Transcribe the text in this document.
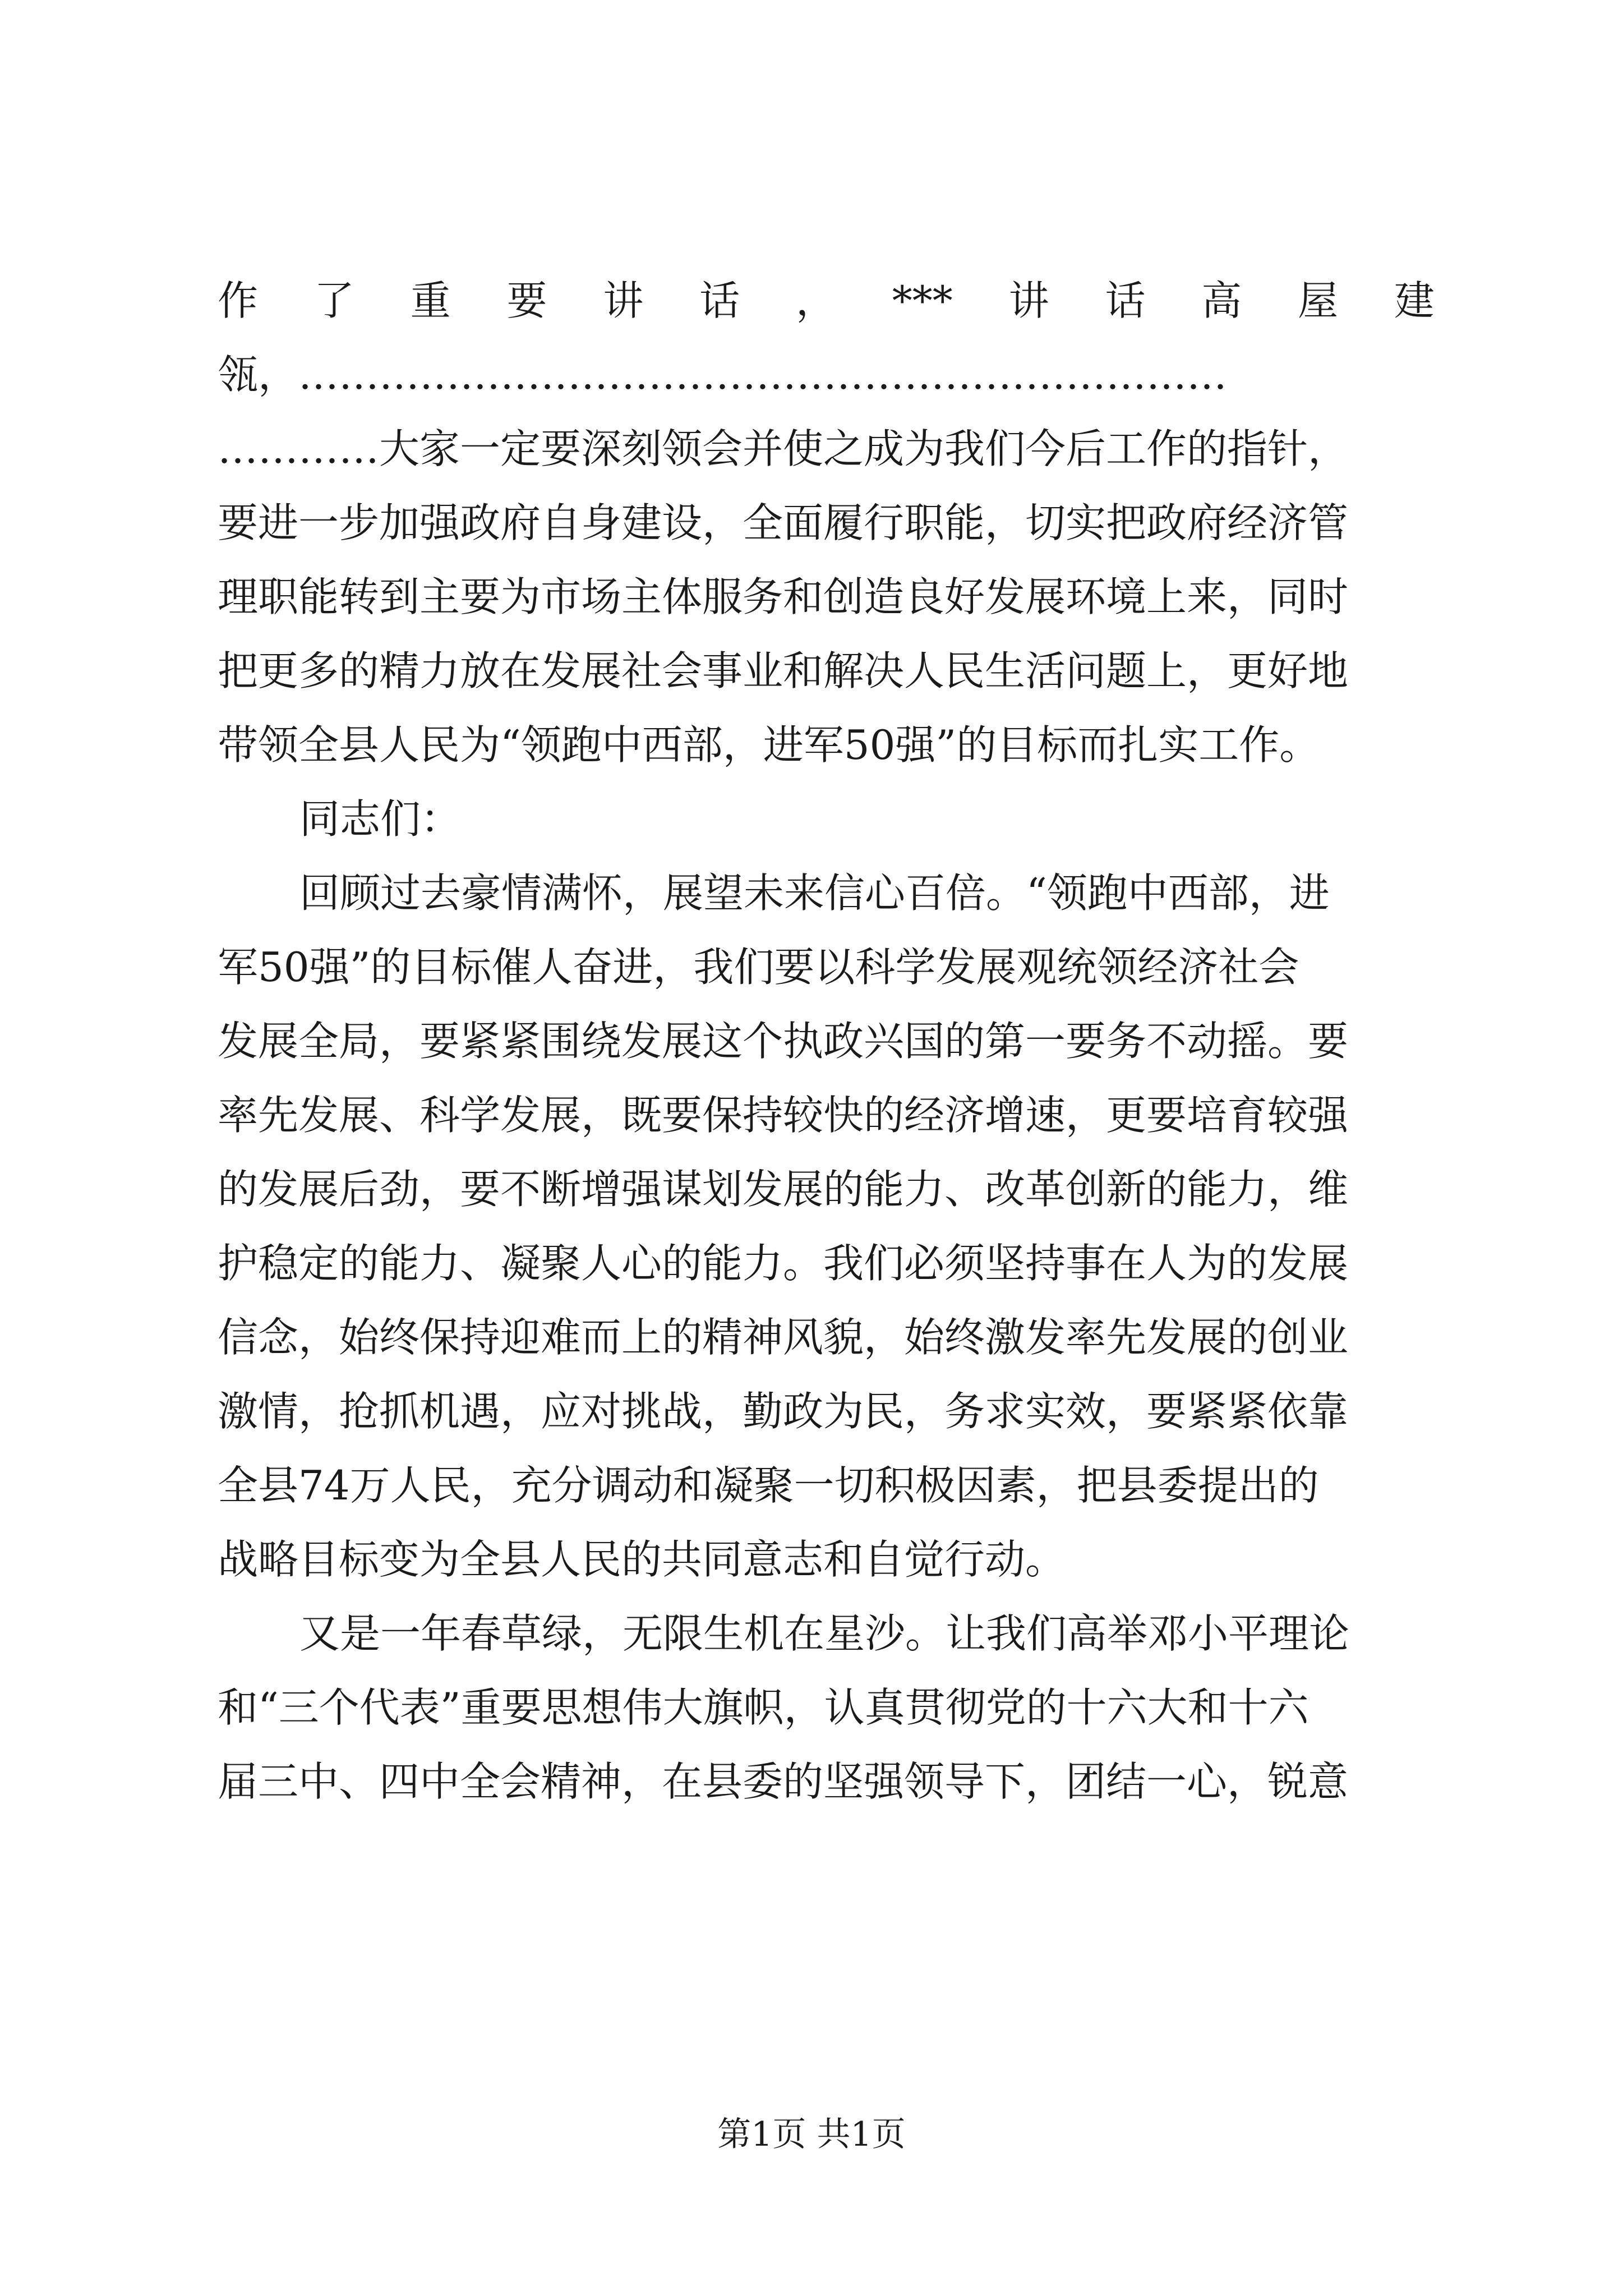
作 了 重 要 讲 话 ， *** 讲 话 高 屋 建
瓴，……………………………………………………………
…………大家一定要深刻领会并使之成为我们今后工作的指针，
要进一步加强政府自身建设，全面履行职能，切实把政府经济管
理职能转到主要为市场主体服务和创造良好发展环境上来，同时
把更多的精力放在发展社会事业和解决人民生活问题上，更好地
带领全县人民为“领跑中西部，进军50强”的目标而扎实工作。
同志们：
回顾过去豪情满怀，展望未来信心百倍。“领跑中西部，进
军50强”的目标催人奋进，我们要以科学发展观统领经济社会
发展全局，要紧紧围绕发展这个执政兴国的第一要务不动摇。要
率先发展、科学发展，既要保持较快的经济增速，更要培育较强
的发展后劲，要不断增强谋划发展的能力、改革创新的能力，维
护稳定的能力、凝聚人心的能力。我们必须坚持事在人为的发展
信念，始终保持迎难而上的精神风貌，始终激发率先发展的创业
激情，抢抓机遇，应对挑战，勤政为民，务求实效，要紧紧依靠
全县74万人民，充分调动和凝聚一切积极因素，把县委提出的
战略目标变为全县人民的共同意志和自觉行动。
又是一年春草绿，无限生机在星沙。让我们高举邓小平理论
和“三个代表”重要思想伟大旗帜，认真贯彻党的十六大和十六
届三中、四中全会精神，在县委的坚强领导下，团结一心，锐意
第1页 共1页
